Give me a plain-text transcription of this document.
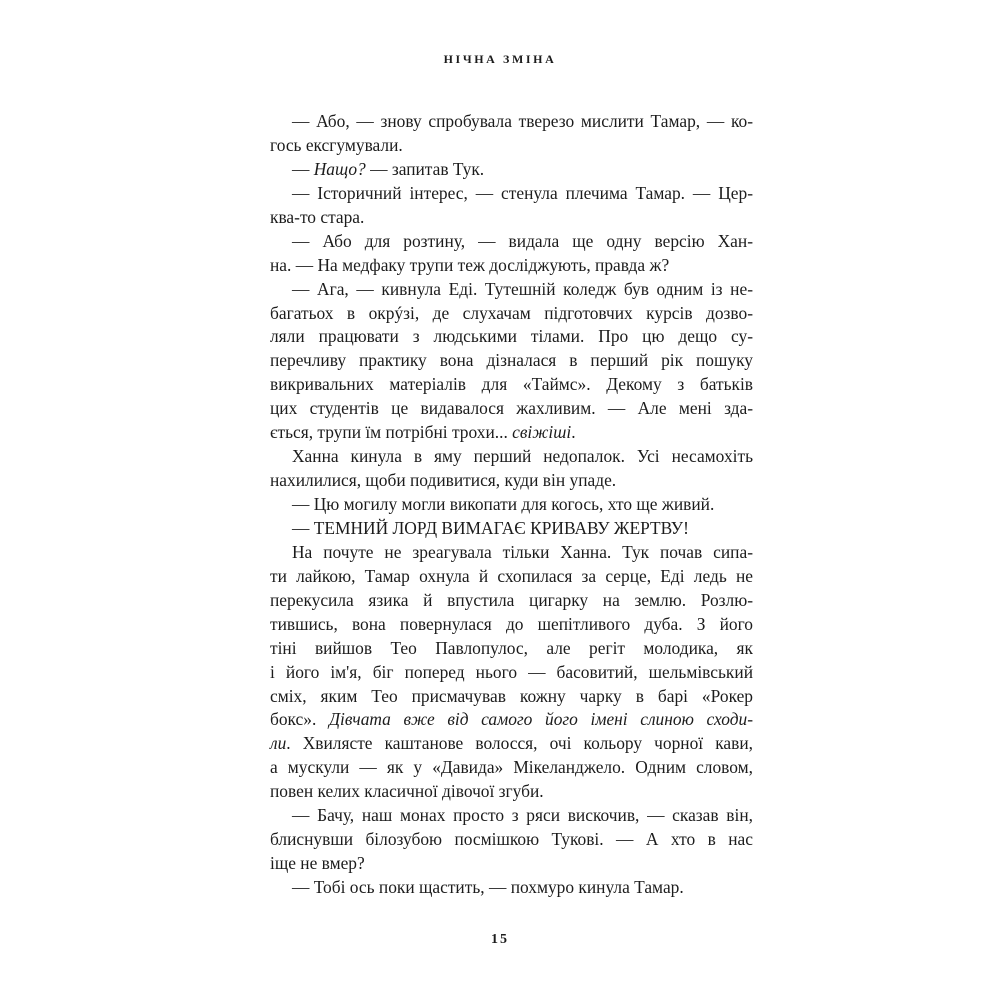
НІЧНА ЗМІНА
— Або, — знову спробувала тверезо мислити Тамар, — ко-
гось ексгумували.
— Нащо? — запитав Тук.
— Історичний інтерес, — стенула плечима Тамар. — Цер-
ква-то стара.
— Або для розтину, — видала ще одну версію Хан-
на. — На медфаку трупи теж досліджують, правда ж?
— Ага, — кивнула Еді. Тутешній коледж був одним із не-
багатьох в окрýзі, де слухачам підготовчих курсів дозво-
ляли працювати з людськими тілами. Про цю дещо су-
перечливу практику вона дізналася в перший рік пошуку
викривальних матеріалів для «Таймс». Декому з батьків
цих студентів це видавалося жахливим. — Але мені зда-
ється, трупи їм потрібні трохи... свіжіші.
Ханна кинула в яму перший недопалок. Усі несамохіть
нахилилися, щоби подивитися, куди він упаде.
— Цю могилу могли викопати для когось, хто ще живий.
— ТЕМНИЙ ЛОРД ВИМАГАЄ КРИВАВУ ЖЕРТВУ!
На почуте не зреагувала тільки Ханна. Тук почав сипа-
ти лайкою, Тамар охнула й схопилася за серце, Еді ледь не
перекусила язика й впустила цигарку на землю. Розлю-
тившись, вона повернулася до шепітливого дуба. З його
тіні вийшов Тео Павлопулос, але регіт молодика, як
і його ім'я, біг поперед нього — басовитий, шельмівський
сміх, яким Тео присмачував кожну чарку в барі «Рокер
бокс». Дівчата вже від самого його імені слиною сходи-
ли. Хвилясте каштанове волосся, очі кольору чорної кави,
а мускули — як у «Давида» Мікеланджело. Одним словом,
повен келих класичної дівочої згуби.
— Бачу, наш монах просто з ряси вискочив, — сказав він,
блиснувши білозубою посмішкою Тукові. — А хто в нас
іще не вмер?
— Тобі ось поки щастить, — похмуро кинула Тамар.
15
